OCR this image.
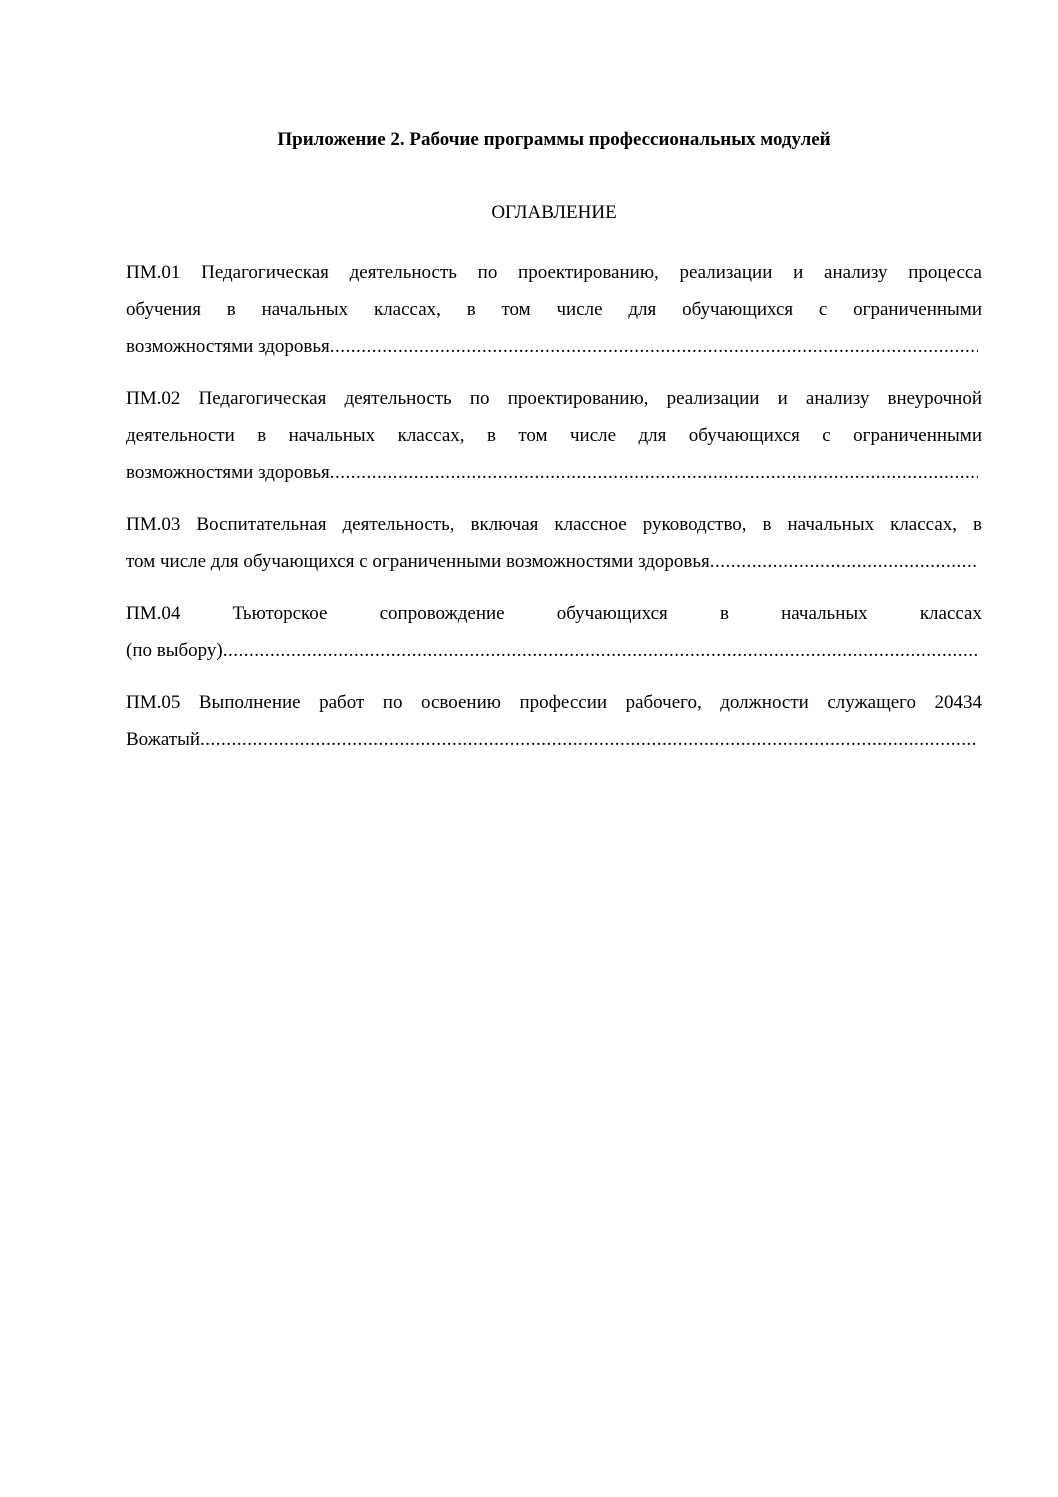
Приложение 2. Рабочие программы профессиональных модулей
ОГЛАВЛЕНИЕ
ПМ.01 Педагогическая деятельность по проектированию, реализации и анализу процесса
обучения в начальных классах, в том числе для обучающихся с ограниченными
возможностями здоровья
.....
ПМ.02 Педагогическая деятельность по проектированию, реализации и анализу внеурочной
деятельности в начальных классах, в том числе для обучающихся с ограниченными
возможностями здоровья
.....
ПМ.03 Воспитательная деятельность, включая классное руководство, в начальных классах, в
том числе для обучающихся с ограниченными возможностями здоровья
.....
ПМ.04 Тьюторское сопровождение обучающихся в начальных классах
(по выбору)
.....
ПМ.05 Выполнение работ по освоению профессии рабочего, должности служащего 20434
Вожатый
.....
